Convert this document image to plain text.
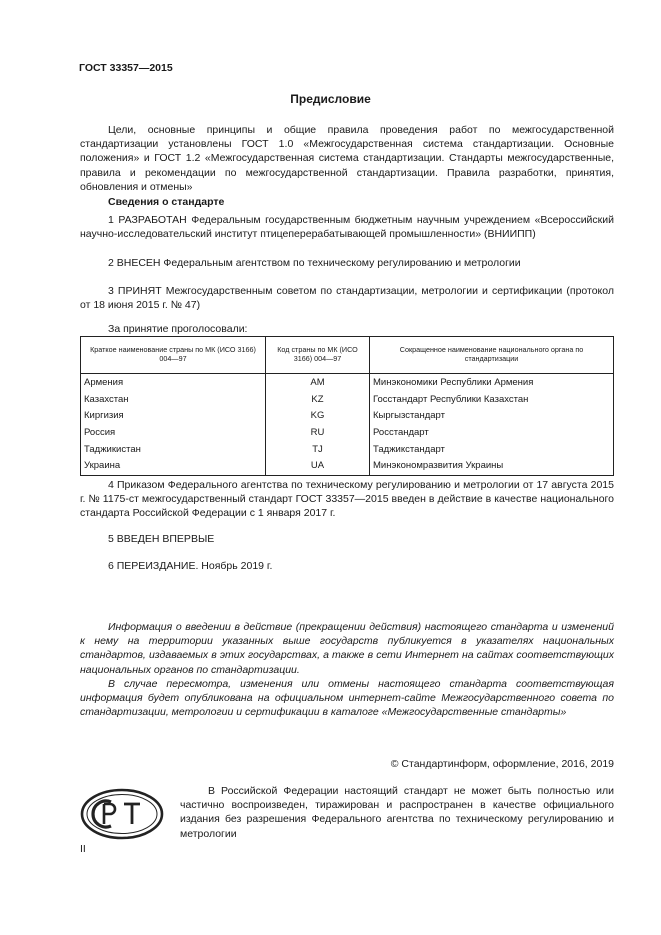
ГОСТ 33357—2015
Предисловие
Цели, основные принципы и общие правила проведения работ по межгосударственной стандартизации установлены ГОСТ 1.0 «Межгосударственная система стандартизации. Основные положения» и ГОСТ 1.2 «Межгосударственная система стандартизации. Стандарты межгосударственные, правила и рекомендации по межгосударственной стандартизации. Правила разработки, принятия, обновления и отмены»
Сведения о стандарте
1 РАЗРАБОТАН Федеральным государственным бюджетным научным учреждением «Всероссийский научно-исследовательский институт птицеперерабатывающей промышленности» (ВНИИПП)
2 ВНЕСЕН Федеральным агентством по техническому регулированию и метрологии
3 ПРИНЯТ Межгосударственным советом по стандартизации, метрологии и сертификации (протокол от 18 июня 2015 г. № 47)
За принятие проголосовали:
Краткое наименование страны по МК (ИСО 3166) 004—97	Код страны по МК (ИСО 3166) 004—97	Сокращенное наименование национального органа по стандартизации
Армения	AM	Минэкономики Республики Армения
Казахстан	KZ	Госстандарт Республики Казахстан
Киргизия	KG	Кыргызстандарт
Россия	RU	Росстандарт
Таджикистан	TJ	Таджикстандарт
Украина	UA	Минэкономразвития Украины
4 Приказом Федерального агентства по техническому регулированию и метрологии от 17 августа 2015 г. № 1175-ст межгосударственный стандарт ГОСТ 33357—2015 введен в действие в качестве национального стандарта Российской Федерации с 1 января 2017 г.
5 ВВЕДЕН ВПЕРВЫЕ
6 ПЕРЕИЗДАНИЕ. Ноябрь 2019 г.
Информация о введении в действие (прекращении действия) настоящего стандарта и изменений к нему на территории указанных выше государств публикуется в указателях национальных стандартов, издаваемых в этих государствах, а также в сети Интернет на сайтах соответствующих национальных органов по стандартизации.
В случае пересмотра, изменения или отмены настоящего стандарта соответствующая информация будет опубликована на официальном интернет-сайте Межгосударственного совета по стандартизации, метрологии и сертификации в каталоге «Межгосударственные стандарты»
© Стандартинформ, оформление, 2016, 2019
В Российской Федерации настоящий стандарт не может быть полностью или частично воспроизведен, тиражирован и распространен в качестве официального издания без разрешения Федерального агентства по техническому регулированию и метрологии
II
